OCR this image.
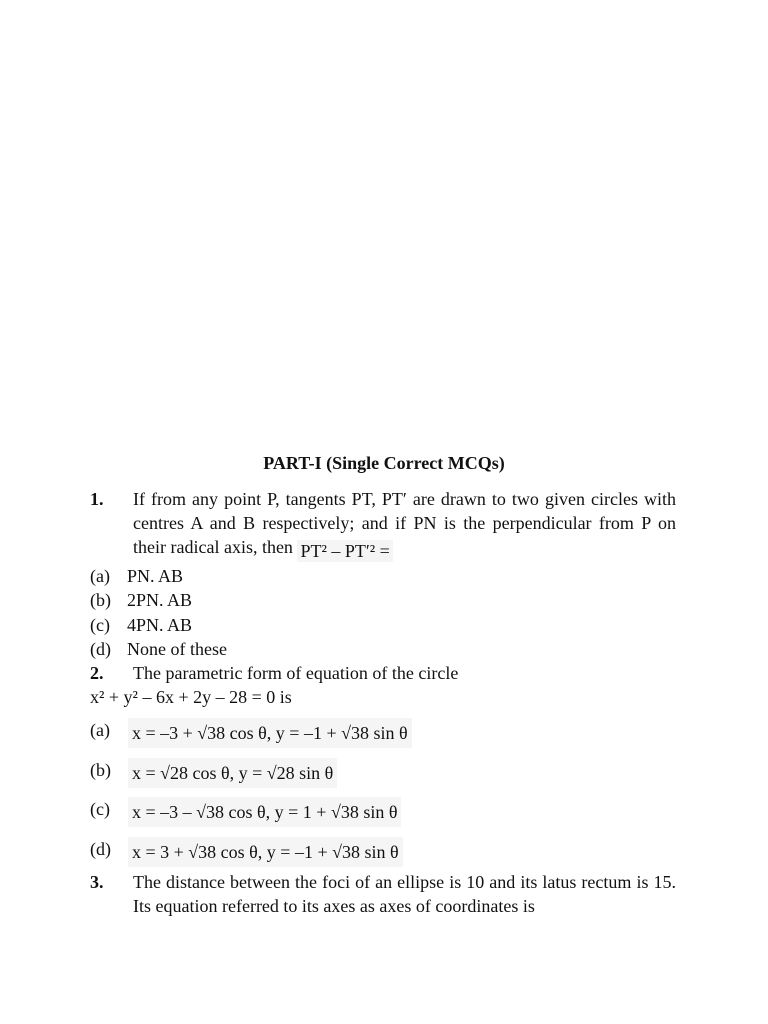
PART-I (Single Correct MCQs)
1. If from any point P, tangents PT, PT′ are drawn to two given circles with centres A and B respectively; and if PN is the perpendicular from P on their radical axis, then PT² – PT′² =
(a) PN. AB
(b) 2PN. AB
(c) 4PN. AB
(d) None of these
2. The parametric form of equation of the circle
x² + y² – 6x + 2y – 28 = 0 is
(a) x = –3 + √38 cos θ, y = –1 + √38 sin θ
(b) x = √28 cos θ, y = √28 sin θ
(c) x = –3 – √38 cos θ, y = 1 + √38 sin θ
(d) x = 3 + √38 cos θ, y = –1 + √38 sin θ
3. The distance between the foci of an ellipse is 10 and its latus rectum is 15. Its equation referred to its axes as axes of coordinates is
